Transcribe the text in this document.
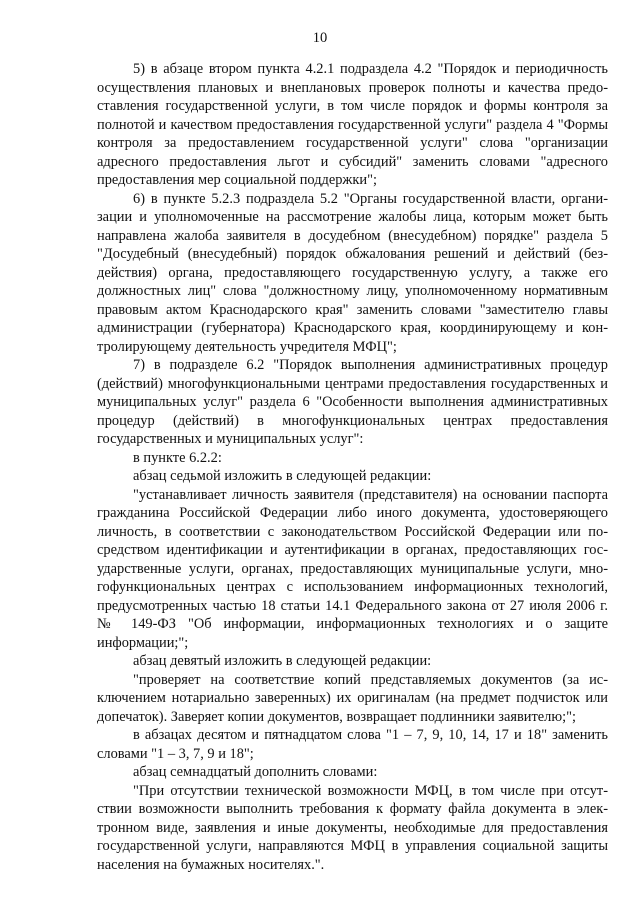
10

5) в абзаце втором пункта 4.2.1 подраздела 4.2 "Порядок и периодичность осуществления плановых и внеплановых проверок полноты и качества предоставления государственной услуги, в том числе порядок и формы контроля за полнотой и качеством предоставления государственной услуги" раздела 4 "Формы контроля за предоставлением государственной услуги" слова "организации адресного предоставления льгот и субсидий" заменить словами "адресного предоставления мер социальной поддержки";

6) в пункте 5.2.3 подраздела 5.2 "Органы государственной власти, организации и уполномоченные на рассмотрение жалобы лица, которым может быть направлена жалоба заявителя в досудебном (внесудебном) порядке" раздела 5 "Досудебный (внесудебный) порядок обжалования решений и действий (бездействия) органа, предоставляющего государственную услугу, а также его должностных лиц" слова "должностному лицу, уполномоченному нормативным правовым актом Краснодарского края" заменить словами "заместителю главы администрации (губернатора) Краснодарского края, координирующему и контролирующему деятельность учредителя МФЦ";

7) в подразделе 6.2 "Порядок выполнения административных процедур (действий) многофункциональными центрами предоставления государственных и муниципальных услуг" раздела 6 "Особенности выполнения административных процедур (действий) в многофункциональных центрах предоставления государственных и муниципальных услуг":

в пункте 6.2.2:

абзац седьмой изложить в следующей редакции:

"устанавливает личность заявителя (представителя) на основании паспорта гражданина Российской Федерации либо иного документа, удостоверяющего личность, в соответствии с законодательством Российской Федерации или посредством идентификации и аутентификации в органах, предоставляющих государственные услуги, органах, предоставляющих муниципальные услуги, многофункциональных центрах с использованием информационных технологий, предусмотренных частью 18 статьи 14.1 Федерального закона от 27 июля 2006 г. № 149-ФЗ "Об информации, информационных технологиях и о защите информации;";

абзац девятый изложить в следующей редакции:

"проверяет на соответствие копий представляемых документов (за исключением нотариально заверенных) их оригиналам (на предмет подчисток или допечаток). Заверяет копии документов, возвращает подлинники заявителю;";

в абзацах десятом и пятнадцатом слова "1 – 7, 9, 10, 14, 17 и 18" заменить словами "1 – 3, 7, 9 и 18";

абзац семнадцатый дополнить словами:

"При отсутствии технической возможности МФЦ, в том числе при отсутствии возможности выполнить требования к формату файла документа в электронном виде, заявления и иные документы, необходимые для предоставления государственной услуги, направляются МФЦ в управления социальной защиты населения на бумажных носителях.".
